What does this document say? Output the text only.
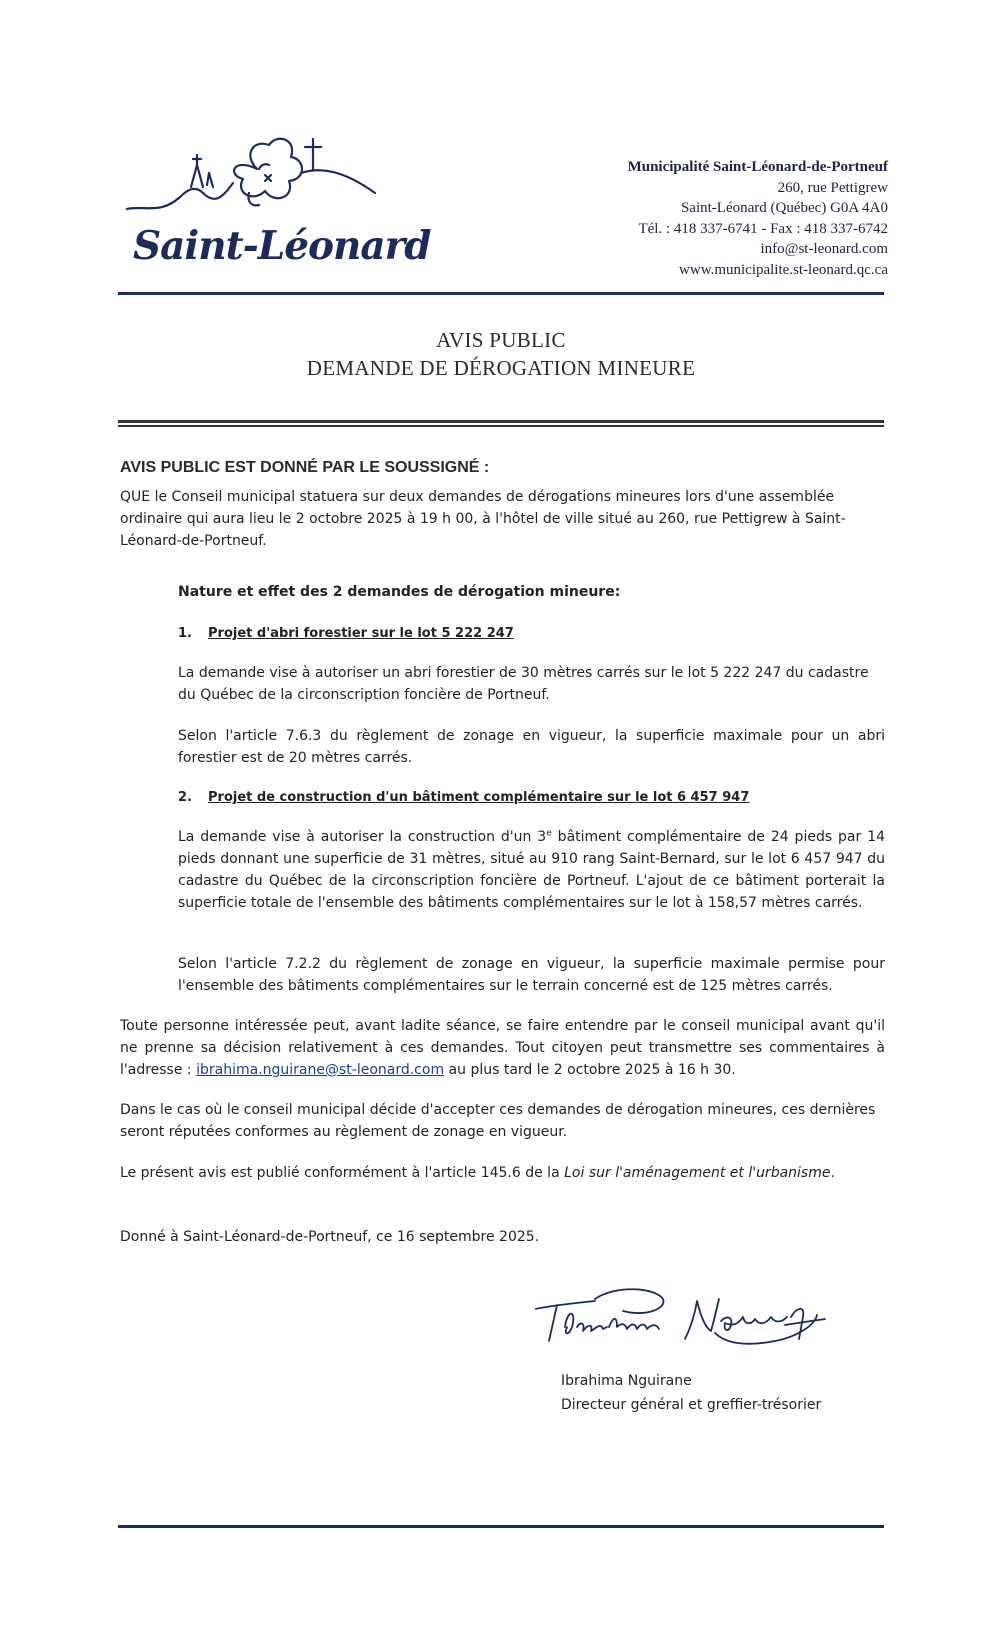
Saint-Léonard
Municipalité Saint-Léonard-de-Portneuf
260, rue Pettigrew
Saint-Léonard (Québec) G0A 4A0
Tél. : 418 337-6741 - Fax : 418 337-6742
info@st-leonard.com
www.municipalite.st-leonard.qc.ca
AVIS PUBLIC
DEMANDE DE DÉROGATION MINEURE
AVIS PUBLIC EST DONNÉ PAR LE SOUSSIGNÉ :
QUE le Conseil municipal statuera sur deux demandes de dérogations mineures lors d'une assemblée ordinaire qui aura lieu le 2 octobre 2025 à 19 h 00, à l'hôtel de ville situé au 260, rue Pettigrew à Saint-Léonard-de-Portneuf.
Nature et effet des 2 demandes de dérogation mineure:
1. Projet d'abri forestier sur le lot 5 222 247
La demande vise à autoriser un abri forestier de 30 mètres carrés sur le lot 5 222 247 du cadastre du Québec de la circonscription foncière de Portneuf.
Selon l'article 7.6.3 du règlement de zonage en vigueur, la superficie maximale pour un abri forestier est de 20 mètres carrés.
2. Projet de construction d'un bâtiment complémentaire sur le lot 6 457 947
La demande vise à autoriser la construction d'un 3e bâtiment complémentaire de 24 pieds par 14 pieds donnant une superficie de 31 mètres, situé au 910 rang Saint-Bernard, sur le lot 6 457 947 du cadastre du Québec de la circonscription foncière de Portneuf. L'ajout de ce bâtiment porterait la superficie totale de l'ensemble des bâtiments complémentaires sur le lot à 158,57 mètres carrés.
Selon l'article 7.2.2 du règlement de zonage en vigueur, la superficie maximale permise pour l'ensemble des bâtiments complémentaires sur le terrain concerné est de 125 mètres carrés.
Toute personne intéressée peut, avant ladite séance, se faire entendre par le conseil municipal avant qu'il ne prenne sa décision relativement à ces demandes. Tout citoyen peut transmettre ses commentaires à l'adresse : ibrahima.nguirane@st-leonard.com au plus tard le 2 octobre 2025 à 16 h 30.
Dans le cas où le conseil municipal décide d'accepter ces demandes de dérogation mineures, ces dernières seront réputées conformes au règlement de zonage en vigueur.
Le présent avis est publié conformément à l'article 145.6 de la Loi sur l'aménagement et l'urbanisme.
Donné à Saint-Léonard-de-Portneuf, ce 16 septembre 2025.
Ibrahima Nguirane
Directeur général et greffier-trésorier
